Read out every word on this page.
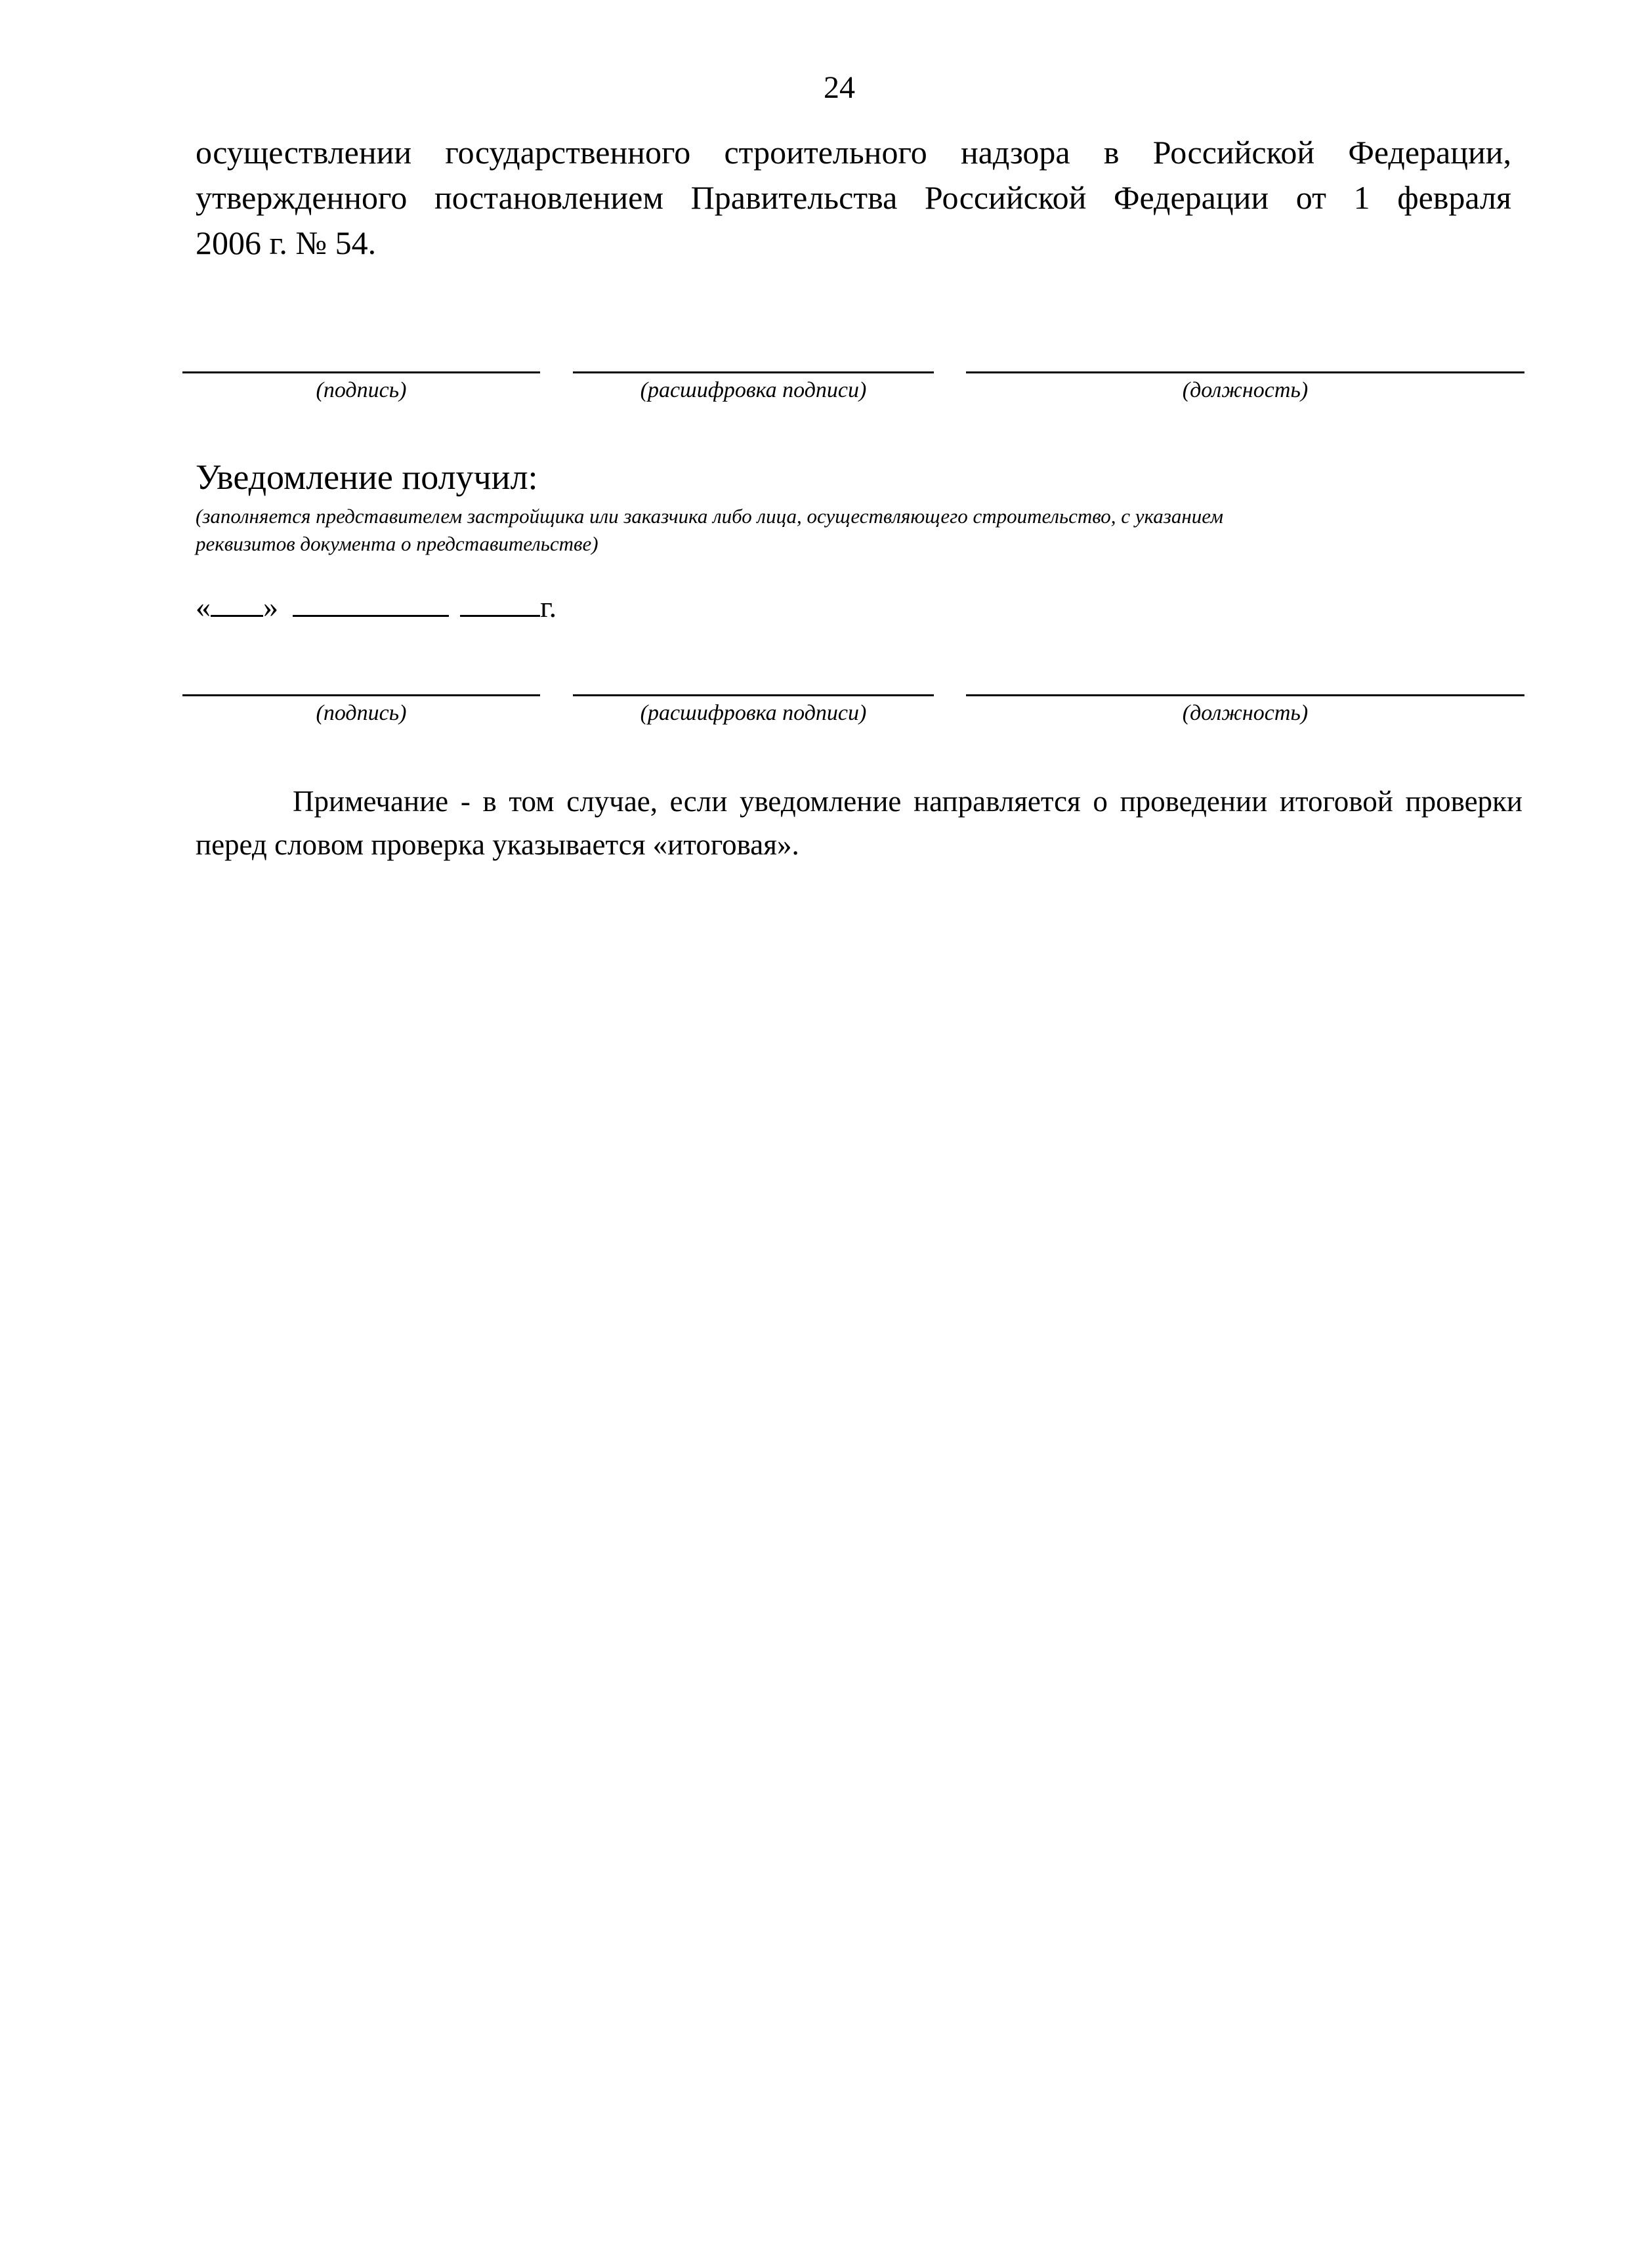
24
осуществлении государственного строительного надзора в Российской Федерации,
утвержденного постановлением Правительства Российской Федерации от 1 февраля
2006 г. № 54.
(подпись)	(расшифровка подписи)	(должность)
Уведомление получил:
(заполняется представителем застройщика или заказчика либо лица, осуществляющего строительство, с указанием
реквизитов документа о представительстве)
« »	г.
(подпись)	(расшифровка подписи)	(должность)
Примечание - в том случае, если уведомление направляется о проведении итоговой проверки
перед словом проверка указывается «итоговая».
